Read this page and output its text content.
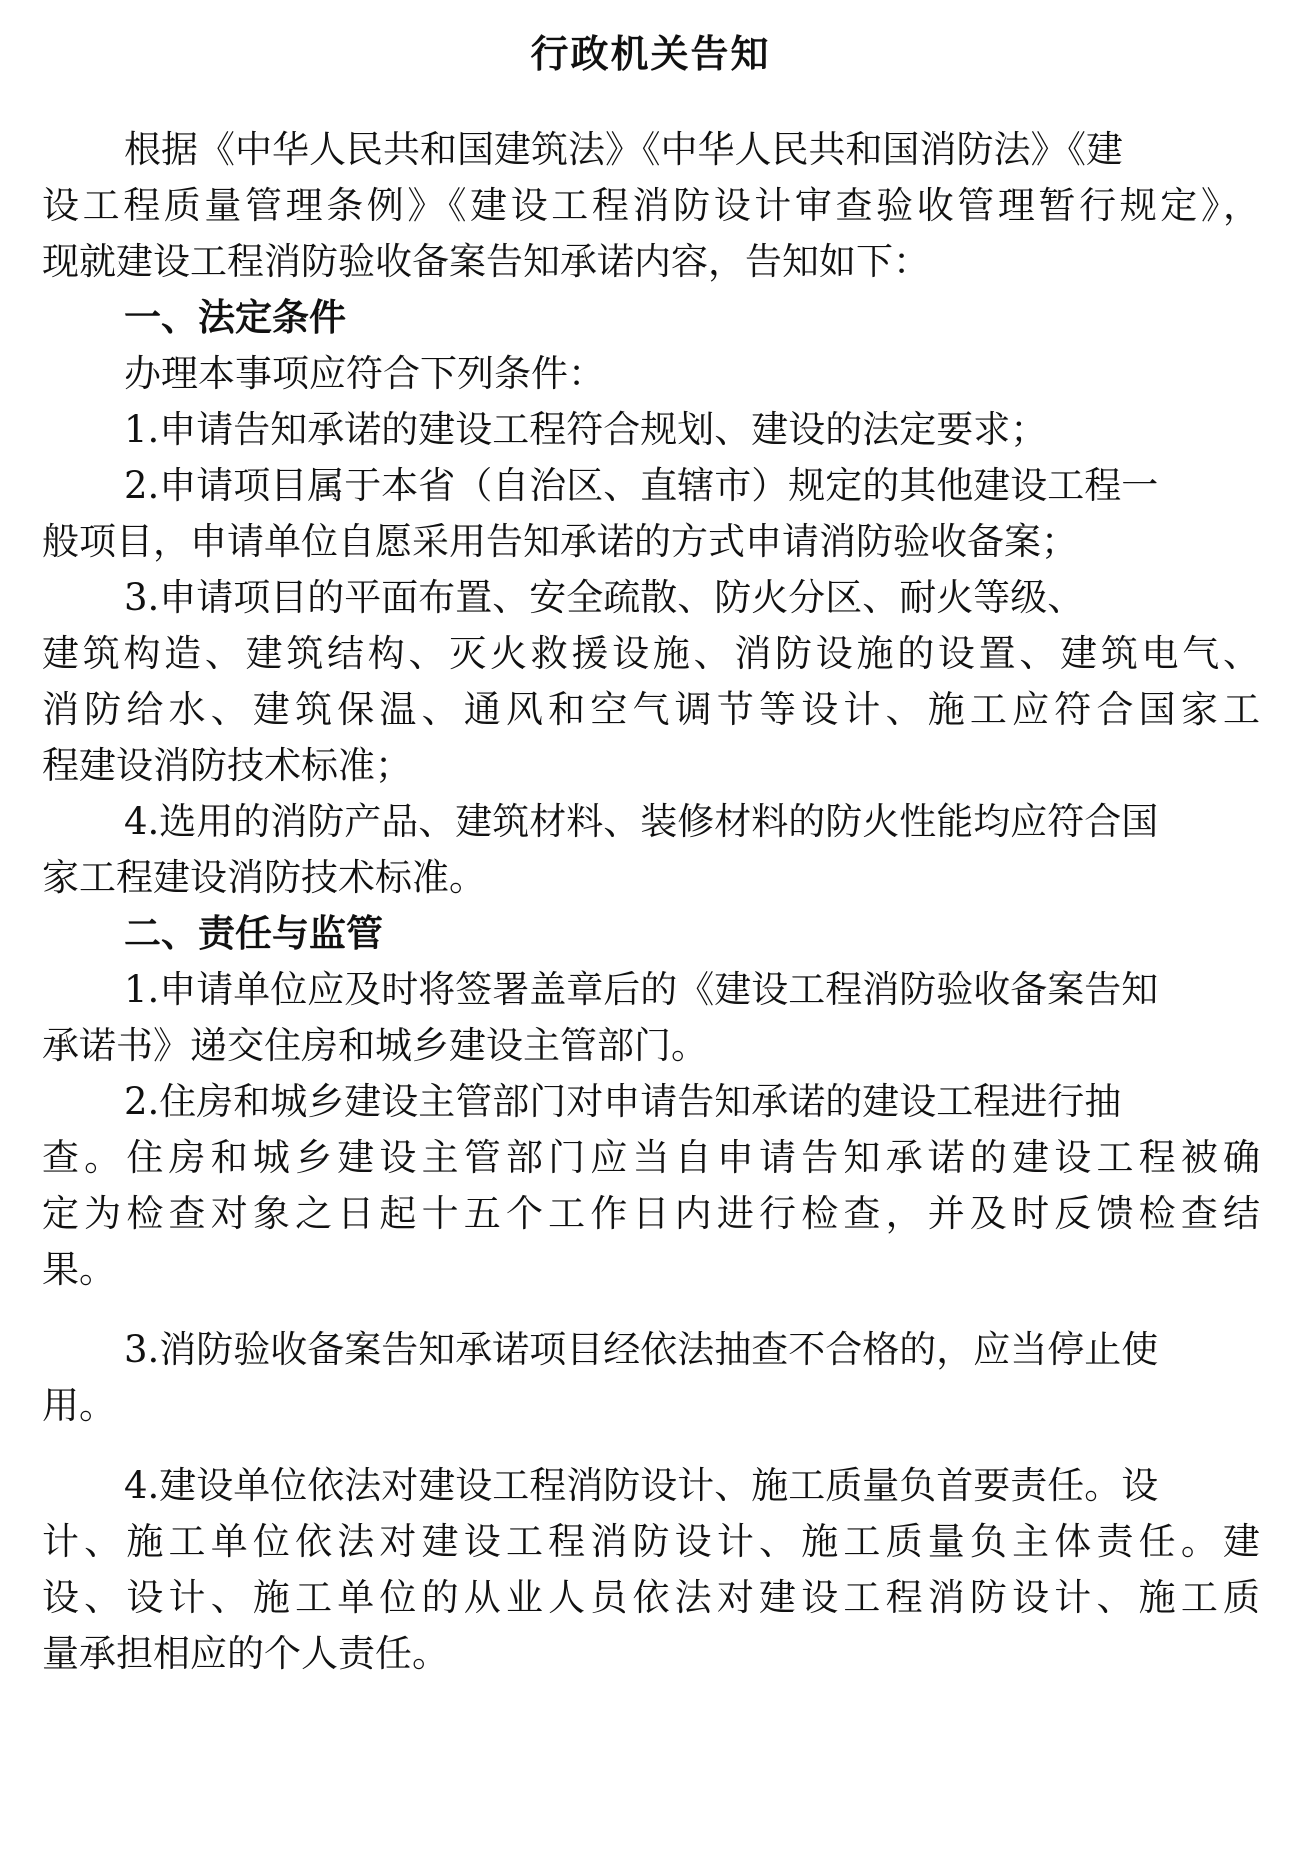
行政机关告知
根据《中华人民共和国建筑法》《中华人民共和国消防法》《建
设工程质量管理条例》《建设工程消防设计审查验收管理暂行规定》，
现就建设工程消防验收备案告知承诺内容，告知如下：
一、法定条件
办理本事项应符合下列条件：
1.申请告知承诺的建设工程符合规划、建设的法定要求；
2.申请项目属于本省（自治区、直辖市）规定的其他建设工程一
般项目，申请单位自愿采用告知承诺的方式申请消防验收备案；
3.申请项目的平面布置、安全疏散、防火分区、耐火等级、
建筑构造、建筑结构、灭火救援设施、消防设施的设置、建筑电气、
消防给水、建筑保温、通风和空气调节等设计、施工应符合国家工
程建设消防技术标准；
4.选用的消防产品、建筑材料、装修材料的防火性能均应符合国
家工程建设消防技术标准。
二、责任与监管
1.申请单位应及时将签署盖章后的《建设工程消防验收备案告知
承诺书》递交住房和城乡建设主管部门。
2.住房和城乡建设主管部门对申请告知承诺的建设工程进行抽
查。住房和城乡建设主管部门应当自申请告知承诺的建设工程被确
定为检查对象之日起十五个工作日内进行检查，并及时反馈检查结
果。
3.消防验收备案告知承诺项目经依法抽查不合格的，应当停止使
用。
4.建设单位依法对建设工程消防设计、施工质量负首要责任。设
计、施工单位依法对建设工程消防设计、施工质量负主体责任。建
设、设计、施工单位的从业人员依法对建设工程消防设计、施工质
量承担相应的个人责任。
